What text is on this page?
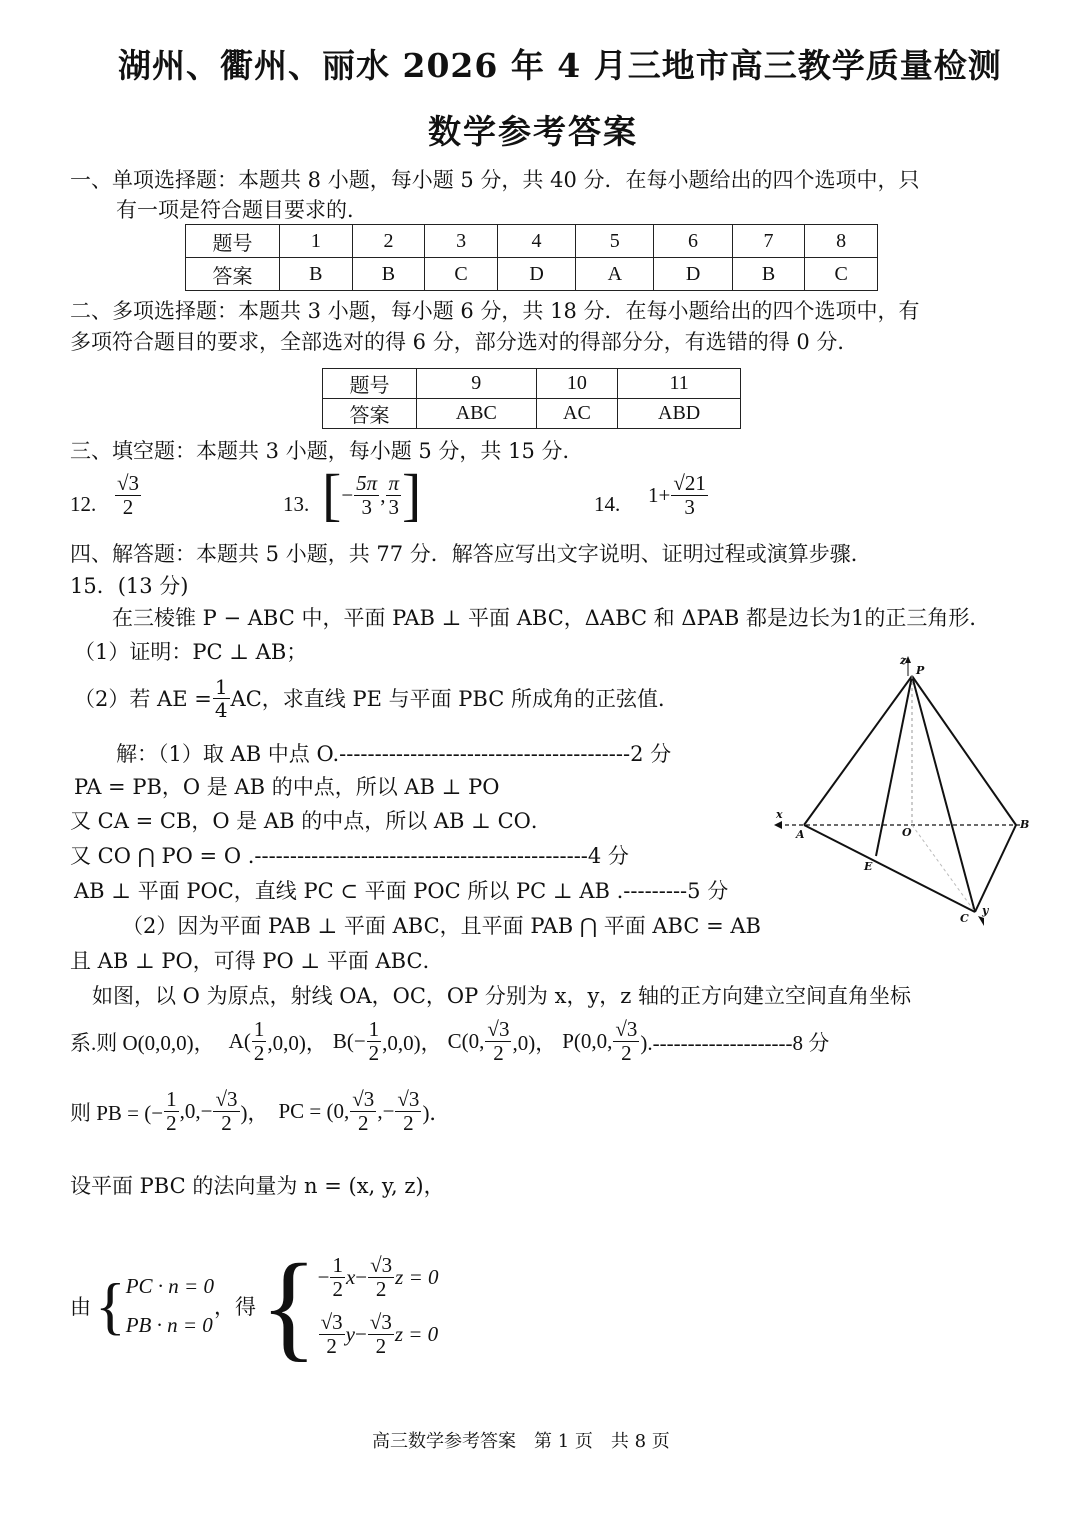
湖州、衢州、丽水 2026 年 4 月三地市高三教学质量检测
数学参考答案
一、单项选择题：本题共 8 小题，每小题 5 分，共 40 分．在每小题给出的四个选项中，只
有一项是符合题目要求的．
题号	1	2	3	4	5	6	7	8
答案	B	B	C	D	A	D	B	C
二、多项选择题：本题共 3 小题，每小题 6 分，共 18 分．在每小题给出的四个选项中，有
多项符合题目的要求，全部选对的得 6 分，部分选对的得部分分，有选错的得 0 分．
题号	9	10	11
答案	ABC	AC	ABD
三、填空题：本题共 3 小题，每小题 5 分，共 15 分．
12. $\frac{√3}{2}$	13. [ − $\frac{5\pi}{3}$ , $\frac{\pi}{3}$ ]	14. $1+ \frac{√21}{3}$
四、解答题：本题共 5 小题，共 77 分．解答应写出文字说明、证明过程或演算步骤．
15．(13 分)
在三棱锥 P − ABC 中，平面 PAB ⊥ 平面 ABC，ΔABC 和 ΔPAB 都是边长为1的正三角形．
（1）证明：PC ⊥ AB；
（2）若 AE = $\frac{1}{4}$ AC，求直线 PE 与平面 PBC 所成角的正弦值．
解：（1）取 AB 中点 O.-----------------------------------------2 分
PA = PB，O 是 AB 的中点，所以 AB ⊥ PO
又 CA = CB，O 是 AB 的中点，所以 AB ⊥ CO．
又 CO ⋂ PO = O .-----------------------------------------------4 分
AB ⊥ 平面 POC，直线 PC ⊂ 平面 POC 所以 PC ⊥ AB .---------5 分
（2）因为平面 PAB ⊥ 平面 ABC，且平面 PAB ⋂ 平面 ABC = AB
且 AB ⊥ PO，可得 PO ⊥ 平面 ABC．
如图，以 O 为原点，射线 OA，OC，OP 分别为 x，y，z 轴的正方向建立空间直角坐标
系.则 O(0,0,0)， $A( \frac{1}{2} ,0,0)$， $B(- \frac{1}{2} ,0,0)$， C(0, $\frac{√3}{2} ,0$)， P(0,0, $\frac{√3}{2} ).--------------------8$ 分
则 PB = (− $\frac{1}{2} ,0,- \frac{√3}{2}$ )， PC = (0, $\frac{√3}{2}$ ,− $\frac{√3}{2}$ )．
设平面 PBC 的法向量为 n = (x, y, z)，
由 { PC · n = 0
PB · n = 0
，得 { − $\frac{1}{2}$ $x - \frac{√3}{2}$ z = 0
$\frac{√3}{2}$ $y - \frac{√3}{2}$ z = 0
z
P
x
A	O
B
E
C
y
高三数学参考答案　第 1 页　共 8 页
